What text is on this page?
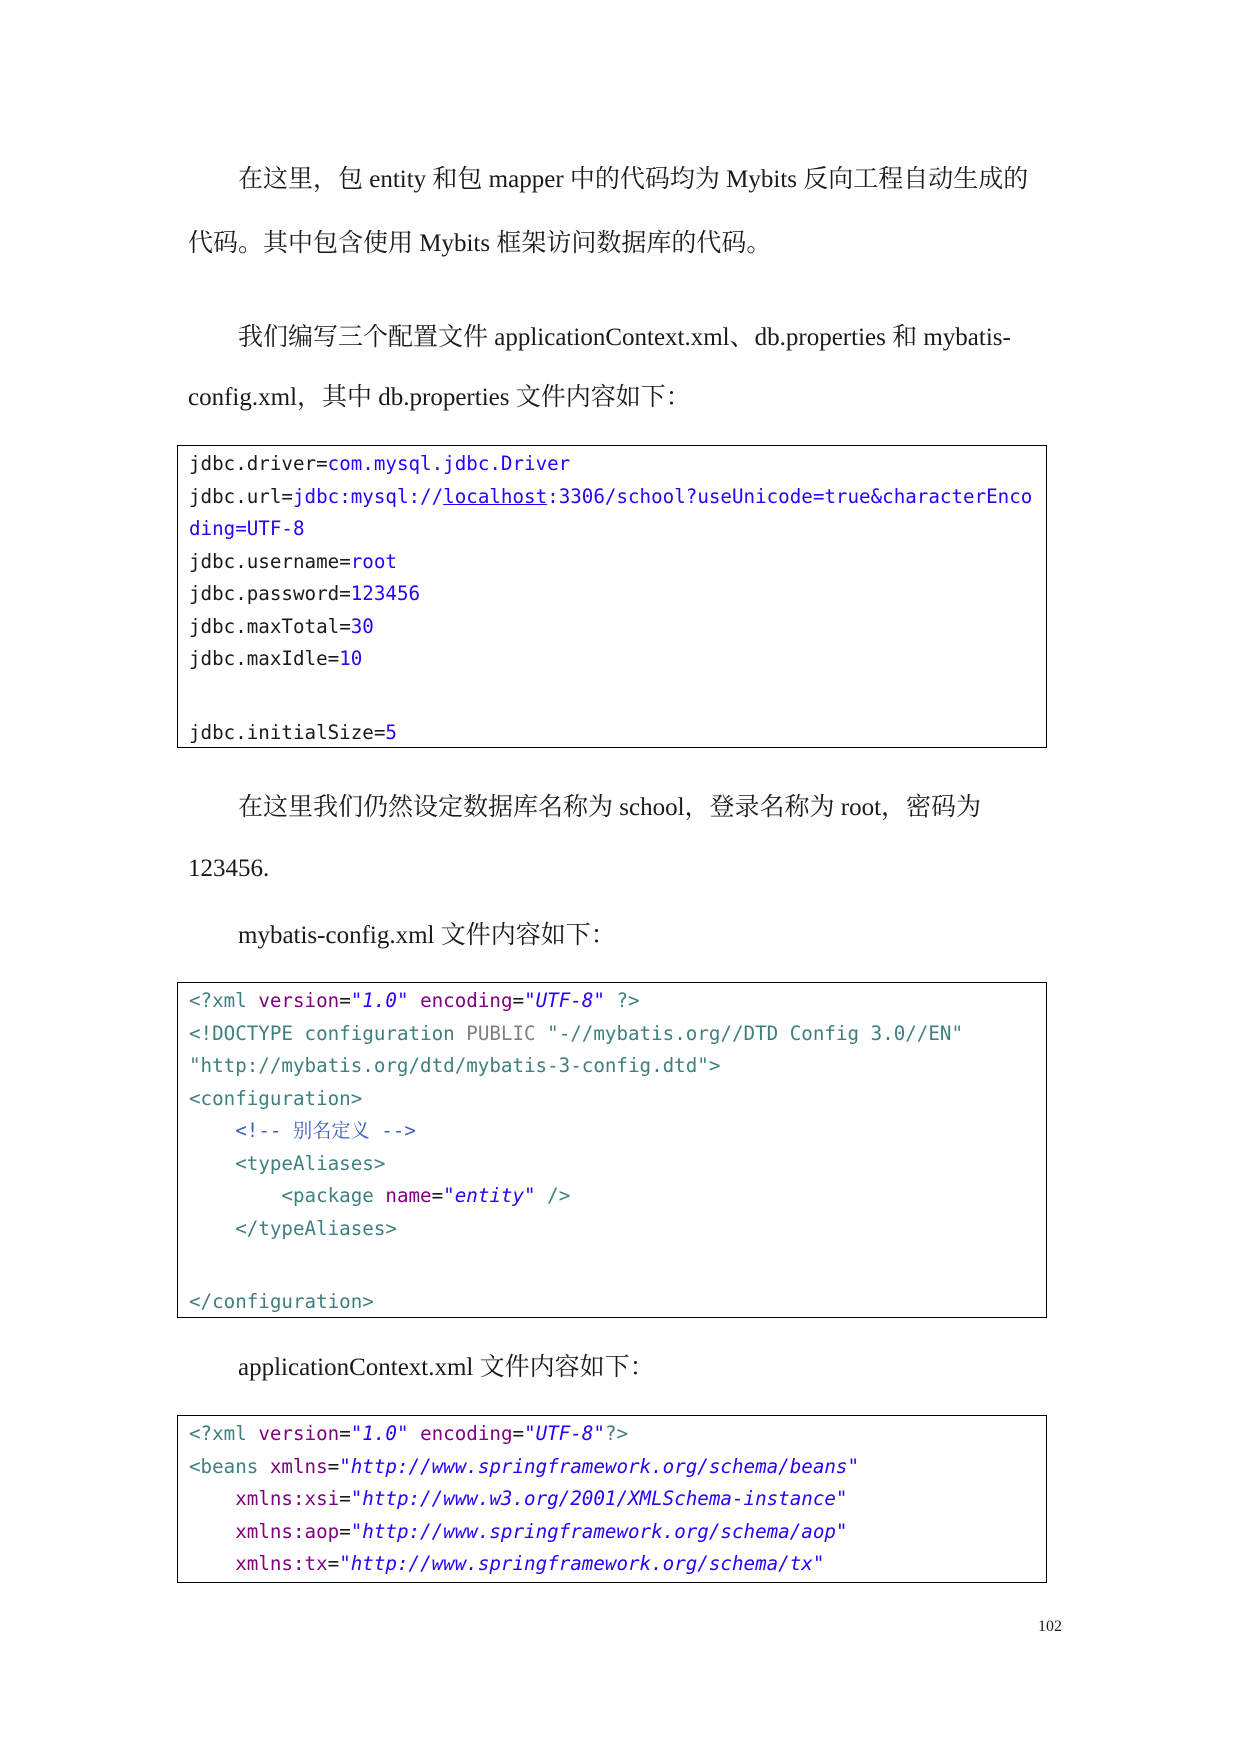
在这里，包 entity 和包 mapper 中的代码均为 Mybits 反向工程自动生成的

代码。其中包含使用 Mybits 框架访问数据库的代码。

我们编写三个配置文件 applicationContext.xml、db.properties 和 mybatis-

config.xml，其中 db.properties 文件内容如下：

jdbc.driver=com.mysql.jdbc.Driver
jdbc.url=jdbc:mysql://localhost:3306/school?useUnicode=true&characterEnco
ding=UTF-8
jdbc.username=root
jdbc.password=123456
jdbc.maxTotal=30
jdbc.maxIdle=10
jdbc.initialSize=5

在这里我们仍然设定数据库名称为 school，登录名称为 root，密码为

123456.

mybatis-config.xml 文件内容如下：

<?xml version="1.0" encoding="UTF-8" ?>
<!DOCTYPE configuration PUBLIC "-//mybatis.org//DTD Config 3.0//EN"
"http://mybatis.org/dtd/mybatis-3-config.dtd">
<configuration>
<!-- 别名定义 -->
<typeAliases>
<package name="entity" />
</typeAliases>
</configuration>

applicationContext.xml 文件内容如下：

<?xml version="1.0" encoding="UTF-8"?>
<beans xmlns="http://www.springframework.org/schema/beans"
xmlns:xsi="http://www.w3.org/2001/XMLSchema-instance"
xmlns:aop="http://www.springframework.org/schema/aop"
xmlns:tx="http://www.springframework.org/schema/tx"
102
